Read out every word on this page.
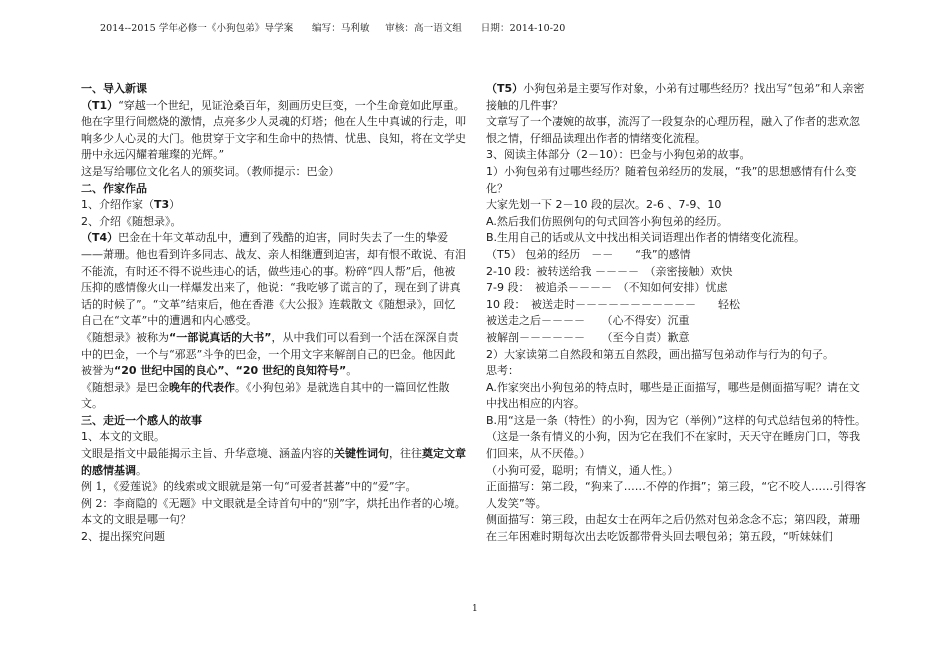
2014--2015 学年必修一《小狗包弟》导学案 编写：马利敏 审核：高一语文组 日期：2014-10-20

一、导入新课

（T1）“穿越一个世纪，见证沧桑百年，刻画历史巨变，一个生命竟如此厚重。他在字里行间燃烧的激情，点亮多少人灵魂的灯塔；他在人生中真诚的行走，叩响多少人心灵的大门。他贯穿于文字和生命中的热情、忧患、良知，将在文学史册中永远闪耀着璀璨的光辉。”

这是写给哪位文化名人的颁奖词。（教师提示：巴金）

二、作家作品

1、介绍作家（T3）

2、介绍《随想录》。

（T4）巴金在十年文革动乱中，遭到了残酷的迫害，同时失去了一生的挚爱——萧珊。他也看到许多同志、战友、亲人相继遭到迫害，却有恨不敢说、有泪不能流，有时还不得不说些违心的话，做些违心的事。粉碎“四人帮”后，他被压抑的感情像火山一样爆发出来了，他说：“我吃够了谎言的了，现在到了讲真话的时候了”。“文革”结束后，他在香港《大公报》连载散文《随想录》，回忆自己在“文革”中的遭遇和内心感受。

《随想录》被称为“一部说真话的大书”，从中我们可以看到一个活在深深自责中的巴金，一个与“邪恶”斗争的巴金，一个用文字来解剖自己的巴金。他因此被誉为“20 世纪中国的良心”、“20 世纪的良知符号”。

《随想录》是巴金晚年的代表作。《小狗包弟》是就选自其中的一篇回忆性散文。

三、走近一个感人的故事

1、本文的文眼。

文眼是指文中最能揭示主旨、升华意境、涵盖内容的关键性词句，往往奠定文章的感情基调。

例 1，《爱莲说》的线索或文眼就是第一句“可爱者甚蕃”中的“爱”字。

例 2：李商隐的《无题》中文眼就是全诗首句中的“别”字，烘托出作者的心境。

本文的文眼是哪一句？

2、提出探究问题

（T5）小狗包弟是主要写作对象，小弟有过哪些经历？找出写“包弟”和人亲密接触的几件事？

文章写了一个凄婉的故事，流泻了一段复杂的心理历程，融入了作者的悲欢忽恨之情，仔细品读理出作者的情绪变化流程。

3、阅读主体部分（2－10）：巴金与小狗包弟的故事。

1）小狗包弟有过哪些经历？随着包弟经历的发展，“我”的思想感情有什么变化？

大家先划一下 2－10 段的层次。2-6 、7-9、10

A.然后我们仿照例句的句式回答小狗包弟的经历。

B.生用自己的话或从文中找出相关词语理出作者的情绪变化流程。

（T5） 包弟的经历　－－　　“我”的感情

2-10 段：被转送给我 －－－－　（亲密接触）欢快

7-9 段：　被追杀－－－－　（不知如何安排）忧虑

10 段：　被送走时－－－－－－－－－－－　　轻松

被送走之后－－－－　　（心不得安）沉重

被解剖－－－－－－　　（至今自责）歉意

2）大家读第二自然段和第五自然段，画出描写包弟动作与行为的句子。

思考：

A.作家突出小狗包弟的特点时，哪些是正面描写，哪些是侧面描写呢？请在文中找出相应的内容。

B.用“这是一条（特性）的小狗，因为它（举例）”这样的句式总结包弟的特性。

（这是一条有情义的小狗，因为它在我们不在家时，天天守在睡房门口，等我们回来，从不厌倦。）

（小狗可爱，聪明；有情义，通人性。）

正面描写：第二段，“狗来了……不停的作揖”；第三段，“它不咬人……引得客人发笑”等。

侧面描写：第三段，由起女士在两年之后仍然对包弟念念不忘；第四段，萧珊在三年困难时期每次出去吃饭都带骨头回去喂包弟；第五段，“听妹妹们

1
